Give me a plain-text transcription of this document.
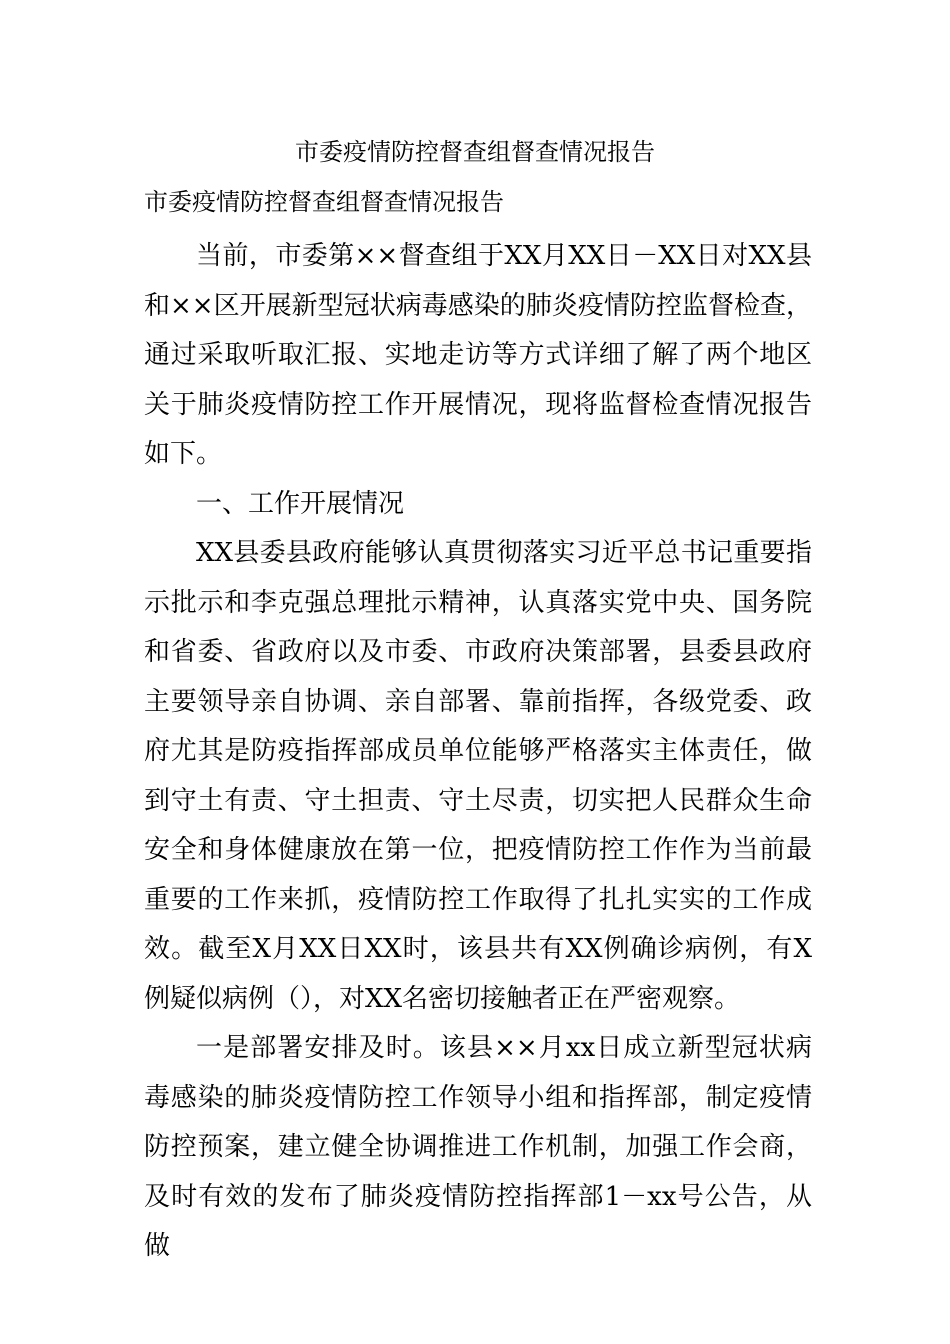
市委疫情防控督查组督查情况报告
市委疫情防控督查组督查情况报告

当前，市委第××督查组于XX月XX日－XX日对XX县和××区开展新型冠状病毒感染的肺炎疫情防控监督检查，通过采取听取汇报、实地走访等方式详细了解了两个地区关于肺炎疫情防控工作开展情况，现将监督检查情况报告如下。

一、工作开展情况

XX县委县政府能够认真贯彻落实习近平总书记重要指示批示和李克强总理批示精神，认真落实党中央、国务院和省委、省政府以及市委、市政府决策部署，县委县政府主要领导亲自协调、亲自部署、靠前指挥，各级党委、政府尤其是防疫指挥部成员单位能够严格落实主体责任，做到守土有责、守土担责、守土尽责，切实把人民群众生命安全和身体健康放在第一位，把疫情防控工作作为当前最重要的工作来抓，疫情防控工作取得了扎扎实实的工作成效。截至X月XX日XX时，该县共有XX例确诊病例，有X例疑似病例（），对XX名密切接触者正在严密观察。

一是部署安排及时。该县××月xx日成立新型冠状病毒感染的肺炎疫情防控工作领导小组和指挥部，制定疫情防控预案，建立健全协调推进工作机制，加强工作会商，及时有效的发布了肺炎疫情防控指挥部1－xx号公告，从做
